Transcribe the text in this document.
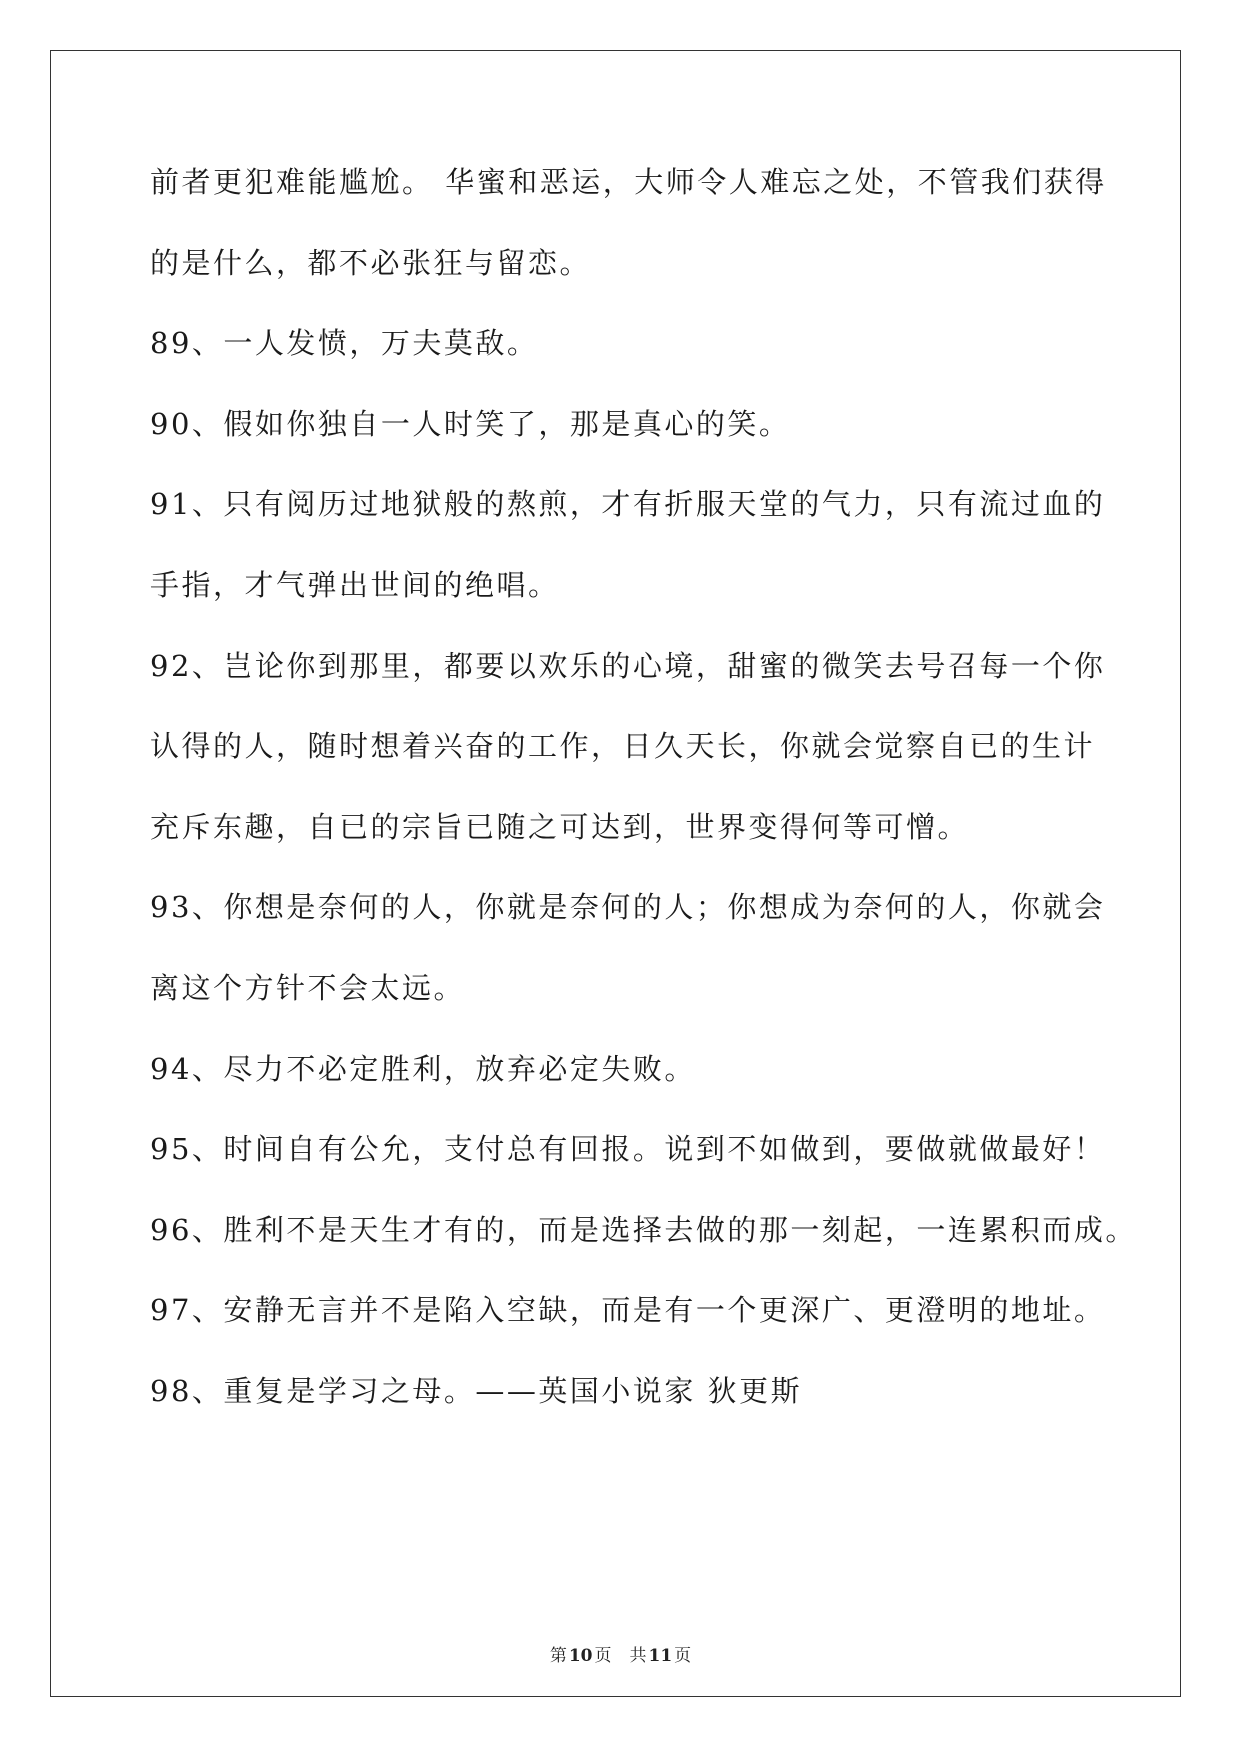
前者更犯难能尴尬。 华蜜和恶运，大师令人难忘之处，不管我们获得
的是什么，都不必张狂与留恋。
89、一人发愤，万夫莫敌。
90、假如你独自一人时笑了，那是真心的笑。
91、只有阅历过地狱般的熬煎，才有折服天堂的气力，只有流过血的
手指，才气弹出世间的绝唱。
92、岂论你到那里，都要以欢乐的心境，甜蜜的微笑去号召每一个你
认得的人，随时想着兴奋的工作，日久天长，你就会觉察自已的生计
充斥东趣，自已的宗旨已随之可达到，世界变得何等可憎。
93、你想是奈何的人，你就是奈何的人；你想成为奈何的人，你就会
离这个方针不会太远。
94、尽力不必定胜利，放弃必定失败。
95、时间自有公允，支付总有回报。说到不如做到，要做就做最好！
96、胜利不是天生才有的，而是选择去做的那一刻起，一连累积而成。
97、安静无言并不是陷入空缺，而是有一个更深广、更澄明的地址。
98、重复是学习之母。——英国小说家 狄更斯
第 10 页 共 11 页
